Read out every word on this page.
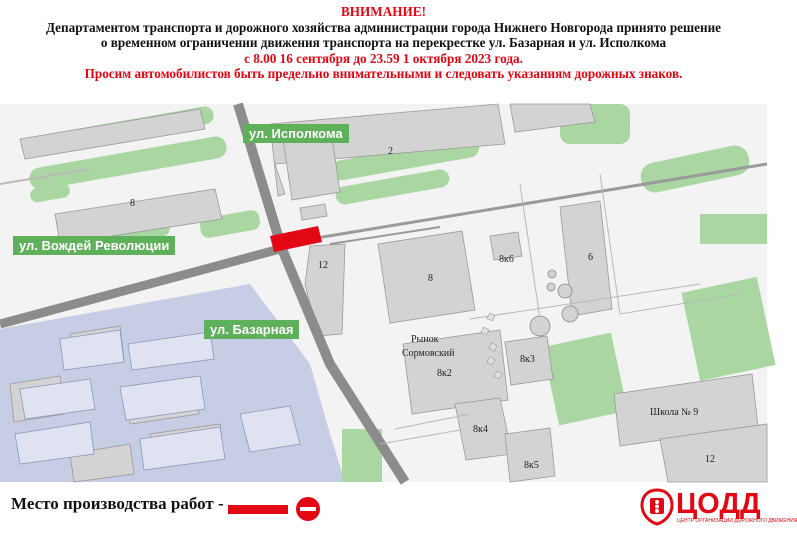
ВНИМАНИЕ!
Департаментом транспорта и дорожного хозяйства администрации города Нижнего Новгорода принято решение
о временном ограничении движения транспорта на перекрестке ул. Базарная и ул. Исполкома
с 8.00 16 сентября до 23.59 1 октября 2023 года.
Просим автомобилистов быть предельно внимательными и следовать указаниям дорожных знаков.
2
8
12
8
8к6	6
Рынок
Сормовский
8к2
8к3
8к4
8к5
Школа № 9
12
ул. Исполкома
ул. Вождей Революции
ул. Базарная
Место производства работ -	ЦОДД
ЦЕНТР ОРГАНИЗАЦИИ ДОРОЖНОГО ДВИЖЕНИЯ
